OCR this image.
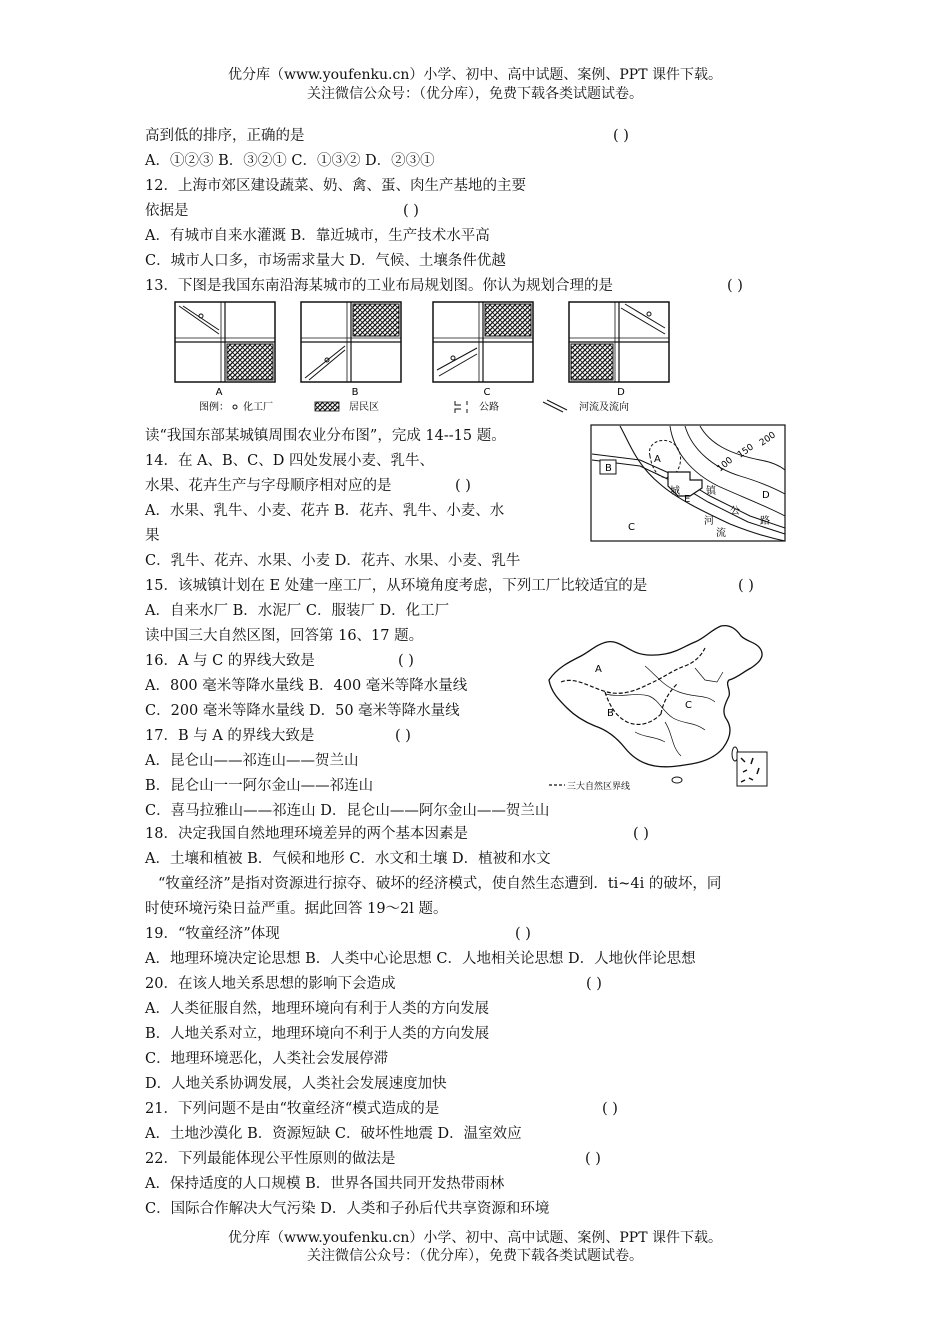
优分库（www.youfenku.cn）小学、初中、高中试题、案例、PPT 课件下载。
关注微信公众号：（优分库），免费下载各类试题试卷。
高到低的排序，正确的是	( )
A．①②③ B．③②① C．①③② D．②③①
12．上海市郊区建设蔬菜、奶、禽、蛋、肉生产基地的主要
依据是	( )
A．有城市自来水灌溉 B．靠近城市，生产技术水平高
C．城市人口多，市场需求量大 D．气候、土壤条件优越
13．下图是我国东南沿海某城市的工业布局规划图。你认为规划合理的是	( )
A	B	C	D
图例： 化工厂	居民区	公路	河流及流向
读“我国东部某城镇周围农业分布图”，完成 14--15 题。
14．在 A、B、C、D 四处发展小麦、乳牛、
水果、花卉生产与字母顺序相对应的是	( )
A．水果、乳牛、小麦、花卉 B．花卉、乳牛、小麦、水
果
200
150
100
B
A
C
D
E
城	镇
公
路
河
流
C．乳牛、花卉、水果、小麦 D．花卉、水果、小麦、乳牛
15．该城镇计划在 E 处建一座工厂，从环境角度考虑，下列工厂比较适宜的是	( )
A．自来水厂 B．水泥厂 C．服装厂 D．化工厂
读中国三大自然区图，回答第 16、17 题。
16．A 与 C 的界线大致是	( )
A．800 毫米等降水量线 B．400 毫米等降水量线
C．200 毫米等降水量线 D．50 毫米等降水量线
17．B 与 A 的界线大致是	( )
A．昆仑山——祁连山——贺兰山
B．昆仑山一一阿尔金山——祁连山
A
B
C
三大自然区界线
C．喜马拉雅山——祁连山 D．昆仑山——阿尔金山——贺兰山
18．决定我国自然地理环境差异的两个基本因素是	( )
A．土壤和植被 B．气候和地形 C．水文和土壤 D．植被和水文
“牧童经济”是指对资源进行掠夺、破坏的经济模式，使自然生态遭到．ti~4i 的破坏，同
时使环境污染日益严重。据此回答 19～2l 题。
19．“牧童经济”体现	( )
A．地理环境决定论思想 B．人类中心论思想 C．人地相关论思想 D．人地伙伴论思想
20．在该人地关系思想的影响下会造成	( )
A．人类征服自然，地理环境向有利于人类的方向发展
B．人地关系对立，地理环境向不利于人类的方向发展
C．地理环境恶化，人类社会发展停滞
D．人地关系协调发展，人类社会发展速度加快
21．下列问题不是由“牧童经济“模式造成的是	( )
A．土地沙漠化 B．资源短缺 C．破坏性地震 D．温室效应
22．下列最能体现公平性原则的做法是	( )
A．保持适度的人口规模 B．世界各国共同开发热带雨林
C．国际合作解决大气污染 D．人类和子孙后代共享资源和环境
优分库（www.youfenku.cn）小学、初中、高中试题、案例、PPT 课件下载。
关注微信公众号：（优分库），免费下载各类试题试卷。
